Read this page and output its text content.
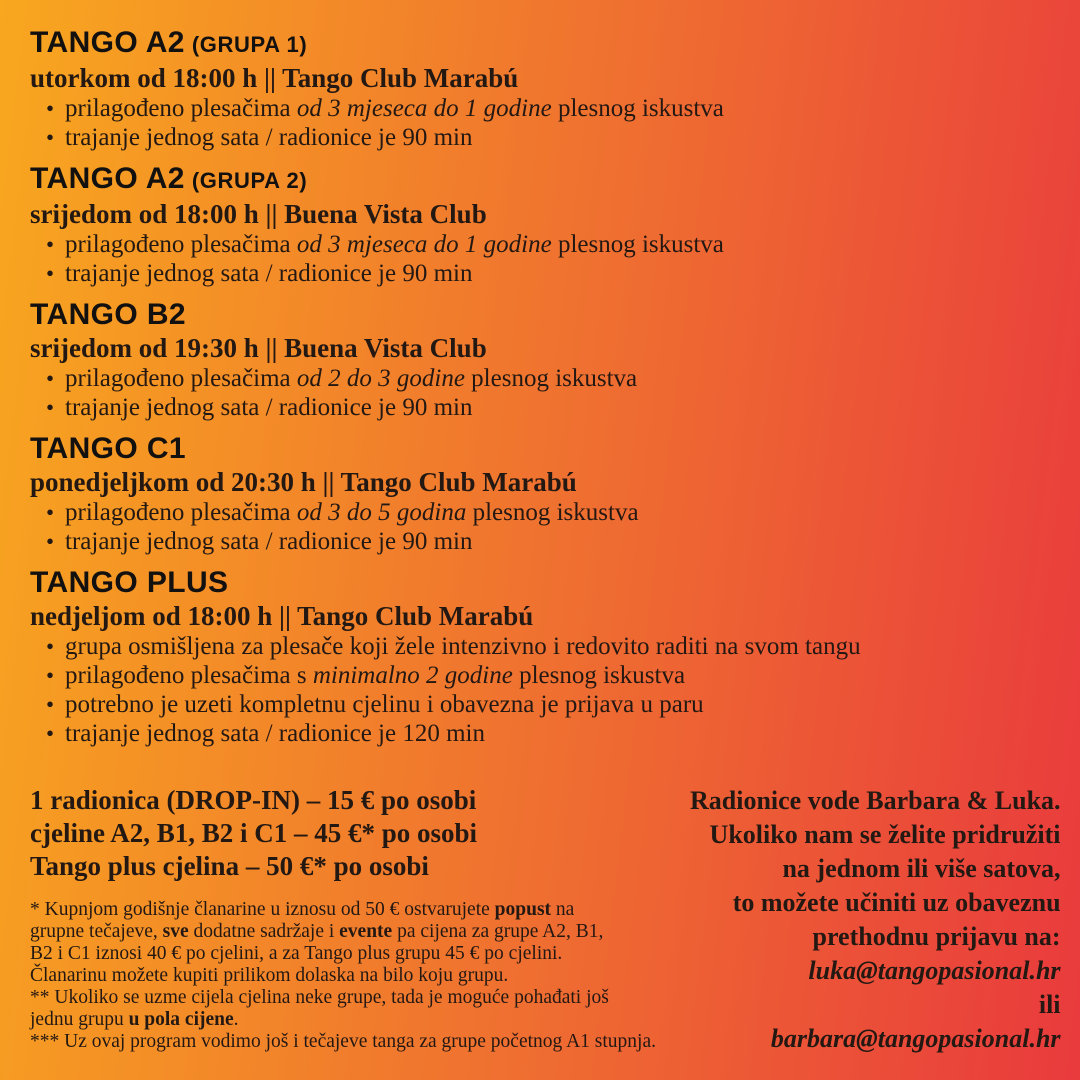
TANGO A2 (GRUPA 1)
utorkom od 18:00 h || Tango Club Marabú
• prilagođeno plesačima od 3 mjeseca do 1 godine plesnog iskustva
• trajanje jednog sata / radionice je 90 min
TANGO A2 (GRUPA 2)
srijedom od 18:00 h || Buena Vista Club
• prilagođeno plesačima od 3 mjeseca do 1 godine plesnog iskustva
• trajanje jednog sata / radionice je 90 min
TANGO B2
srijedom od 19:30 h || Buena Vista Club
• prilagođeno plesačima od 2 do 3 godine plesnog iskustva
• trajanje jednog sata / radionice je 90 min
TANGO C1
ponedjeljkom od 20:30 h || Tango Club Marabú
• prilagođeno plesačima od 3 do 5 godina plesnog iskustva
• trajanje jednog sata / radionice je 90 min
TANGO PLUS
nedjeljom od 18:00 h || Tango Club Marabú
• grupa osmišljena za plesače koji žele intenzivno i redovito raditi na svom tangu
• prilagođeno plesačima s minimalno 2 godine plesnog iskustva
• potrebno je uzeti kompletnu cjelinu i obavezna je prijava u paru
• trajanje jednog sata / radionice je 120 min
1 radionica (DROP-IN) – 15 € po osobi
cjeline A2, B1, B2 i C1 – 45 €* po osobi
Tango plus cjelina – 50 €* po osobi
* Kupnjom godišnje članarine u iznosu od 50 € ostvarujete popust na
grupne tečajeve, sve dodatne sadržaje i evente pa cijena za grupe A2, B1,
B2 i C1 iznosi 40 € po cjelini, a za Tango plus grupu 45 € po cjelini.
Članarinu možete kupiti prilikom dolaska na bilo koju grupu.
** Ukoliko se uzme cijela cjelina neke grupe, tada je moguće pohađati još
jednu grupu u pola cijene.
*** Uz ovaj program vodimo još i tečajeve tanga za grupe početnog A1 stupnja.
Radionice vode Barbara & Luka.
Ukoliko nam se želite pridružiti
na jednom ili više satova,
to možete učiniti uz obaveznu
prethodnu prijavu na:
luka@tangopasional.hr
ili
barbara@tangopasional.hr
